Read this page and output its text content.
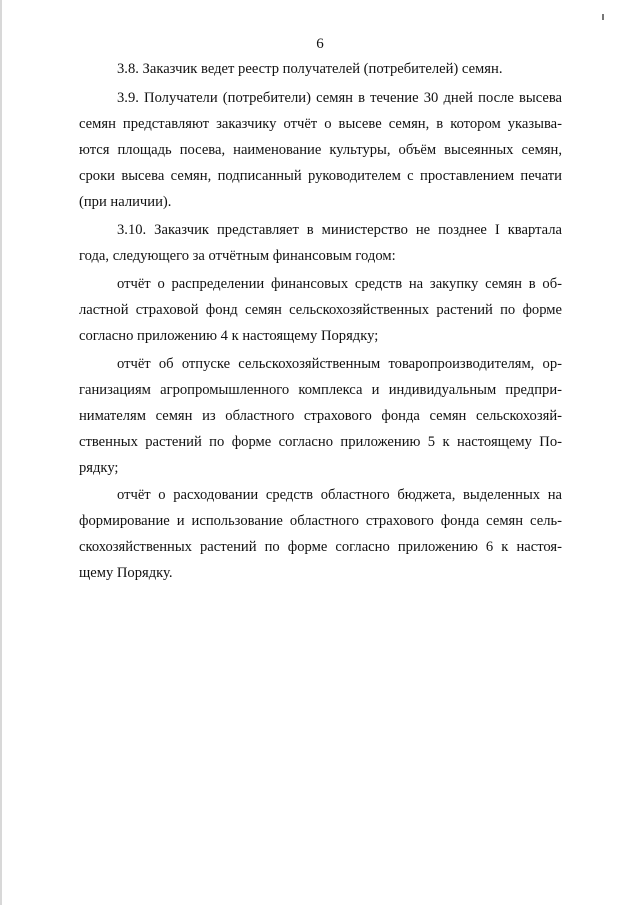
6
3.8. Заказчик ведет реестр получателей (потребителей) семян.
3.9. Получатели (потребители) семян в течение 30 дней после высева
семян представляют заказчику отчёт о высеве семян, в котором указыва-
ются площадь посева, наименование культуры, объём высеянных семян,
сроки высева семян, подписанный руководителем с проставлением печати
(при наличии).
3.10. Заказчик представляет в министерство не позднее I квартала
года, следующего за отчётным финансовым годом:
отчёт о распределении финансовых средств на закупку семян в об-
ластной страховой фонд семян сельскохозяйственных растений по форме
согласно приложению 4 к настоящему Порядку;
отчёт об отпуске сельскохозяйственным товаропроизводителям, ор-
ганизациям агропромышленного комплекса и индивидуальным предпри-
нимателям семян из областного страхового фонда семян сельскохозяй-
ственных растений по форме согласно приложению 5 к настоящему По-
рядку;
отчёт о расходовании средств областного бюджета, выделенных на
формирование и использование областного страхового фонда семян сель-
скохозяйственных растений по форме согласно приложению 6 к настоя-
щему Порядку.
